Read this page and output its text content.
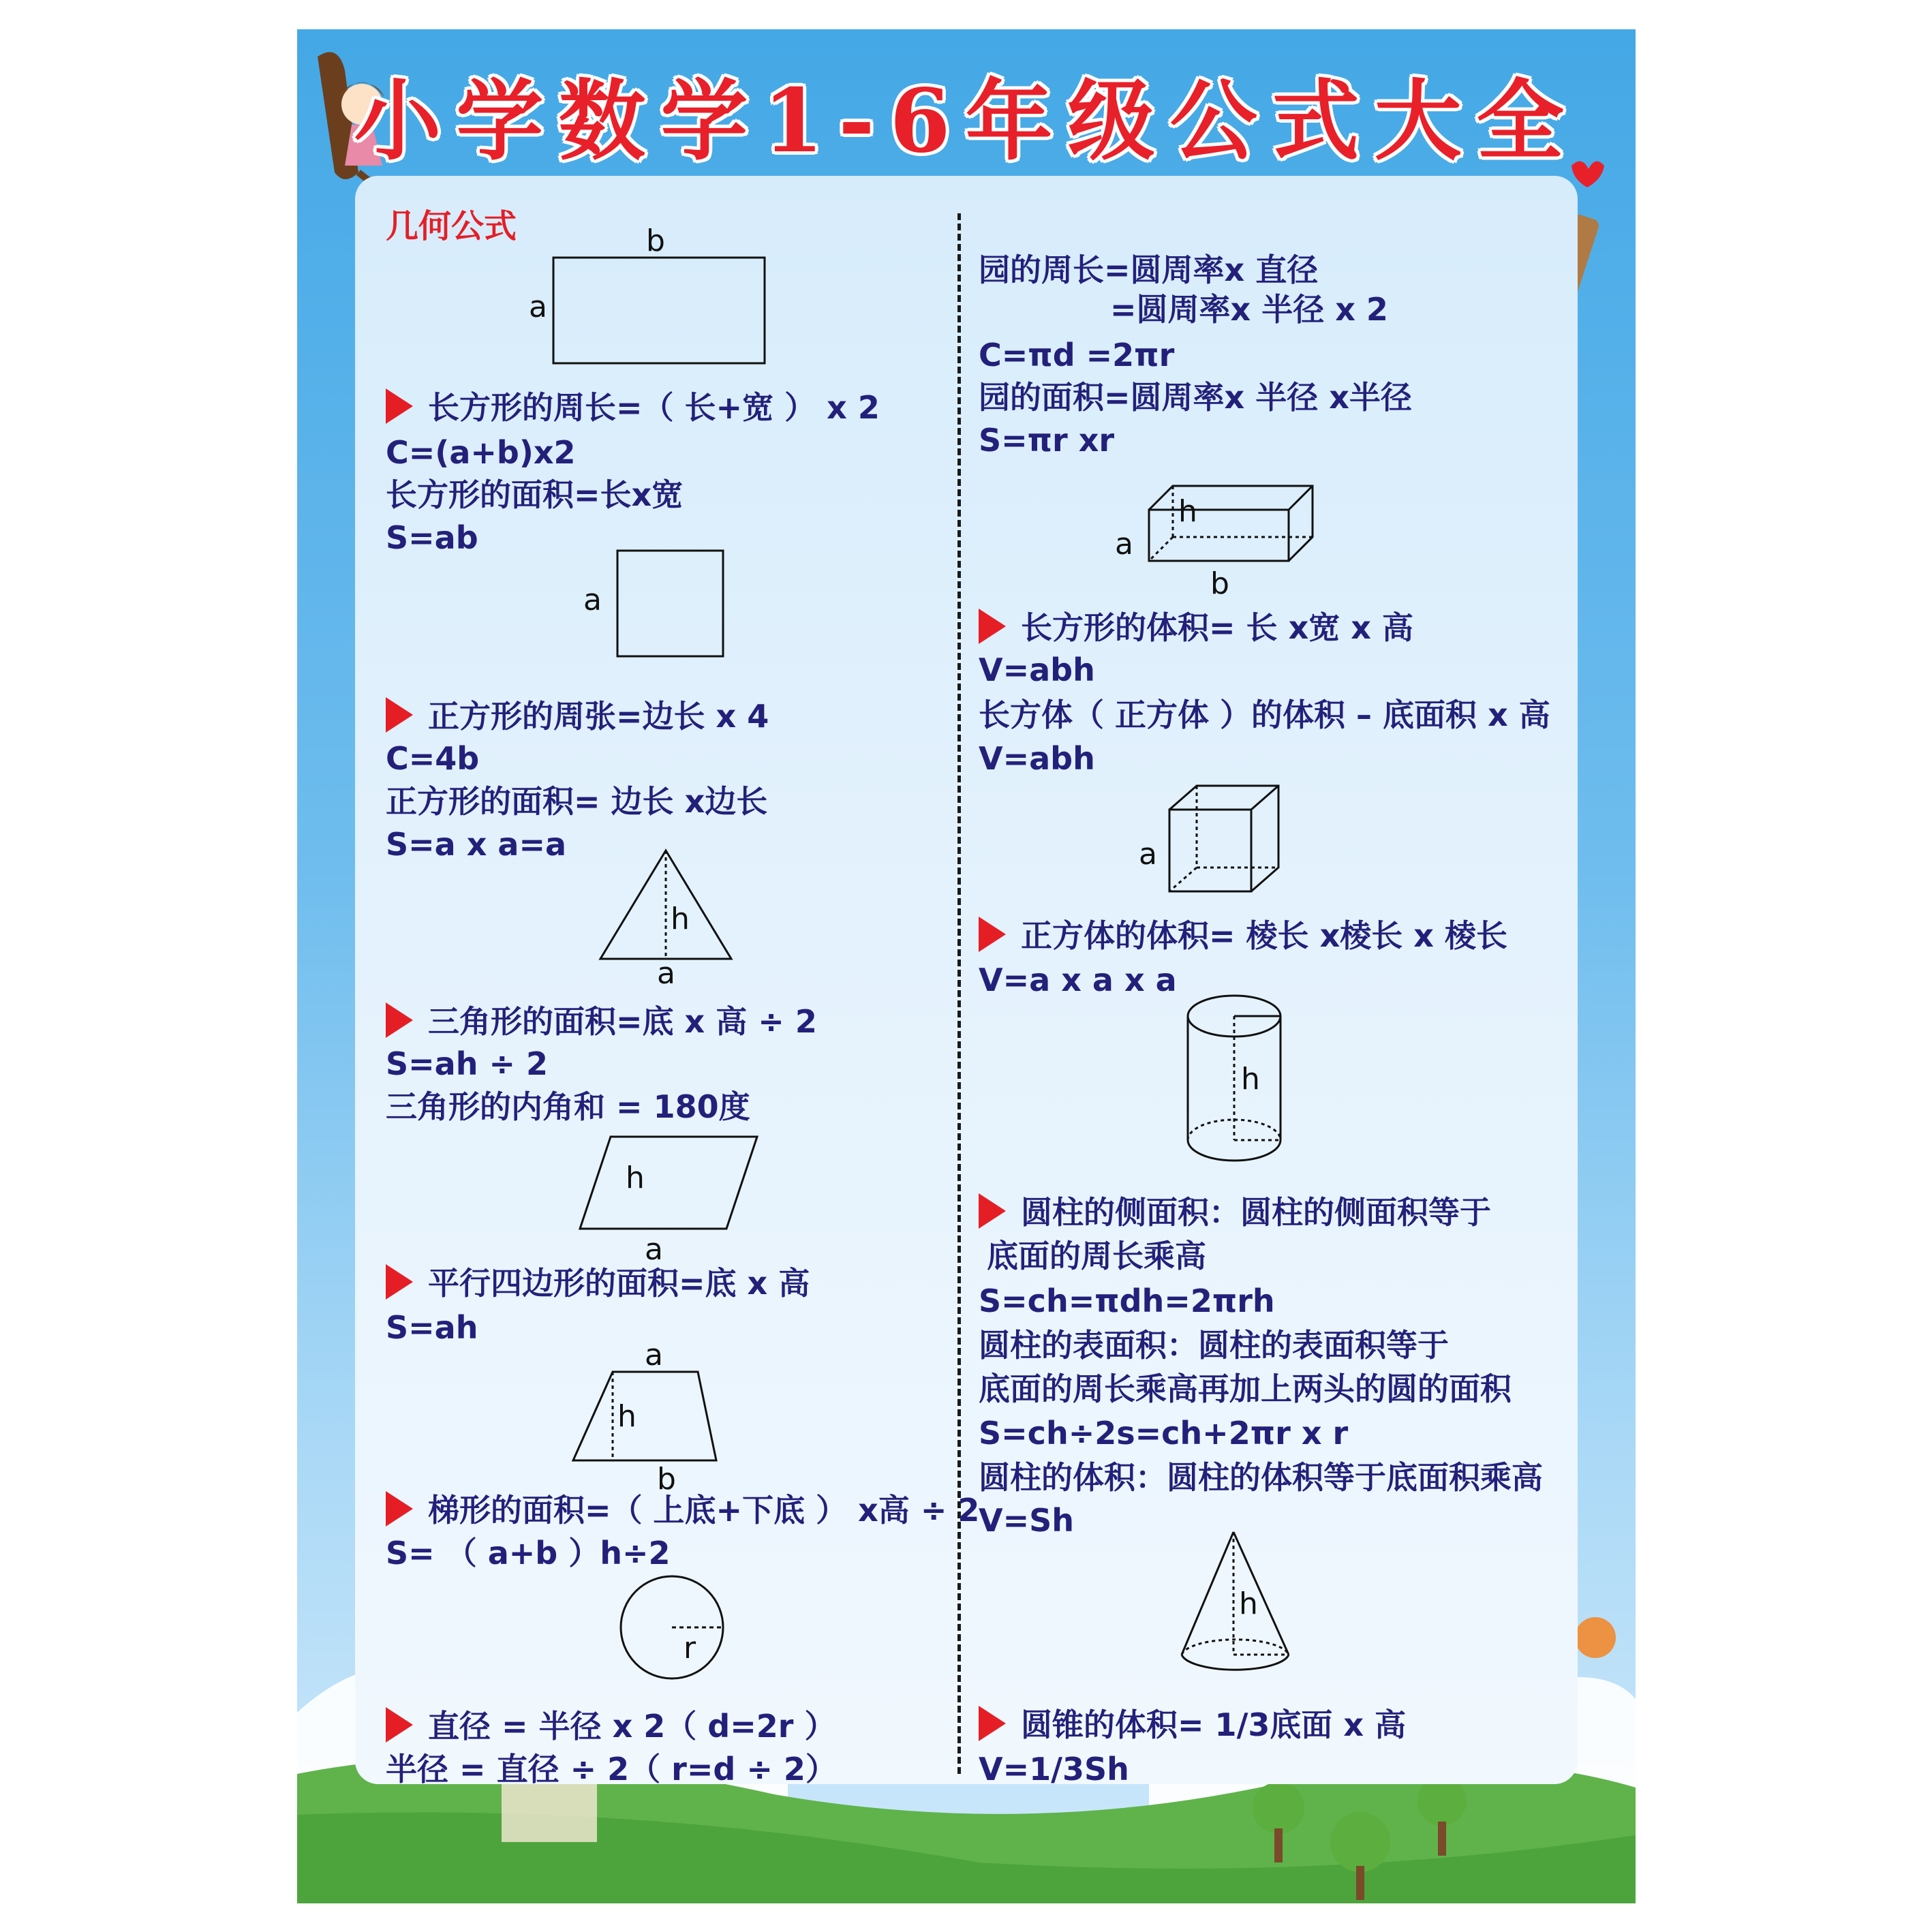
小学数学1-6年级公式大全
几何公式	b
a
a
h
a
h
a
a
h
b
r
长方形的周长=（ 长+宽 ） x 2
C=(a+b)x2
长方形的面积=长x宽
S=ab
正方形的周张=边长 x 4
C=4b
正方形的面积= 边长 x边长
S=a x a=a
三角形的面积=底 x 高 ÷ 2
S=ah ÷ 2
三角形的内角和 = 180度
平行四边形的面积=底 x 高
S=ah
梯形的面积=（ 上底+下底 ） x高 ÷ 2
S= （ a+b ）h÷2
直径 = 半径 x 2（ d=2r ）
半径 = 直径 ÷ 2（ r=d ÷ 2）
a
h
b
a
h
h
园的周长=圆周率x 直径
=圆周率x 半径 x 2
C=πd =2πr
园的面积=圆周率x 半径 x半径
S=πr xr
长方形的体积= 长 x宽 x 高
V=abh
长方体（ 正方体 ）的体积 – 底面积 x 高
V=abh
正方体的体积= 棱长 x棱长 x 棱长
V=a x a x a
圆柱的侧面积：圆柱的侧面积等于
底面的周长乘高
S=ch=πdh=2πrh
圆柱的表面积：圆柱的表面积等于
底面的周长乘高再加上两头的圆的面积
S=ch÷2s=ch+2πr x r
圆柱的体积：圆柱的体积等于底面积乘高
V=Sh
圆锥的体积= 1/3底面 x 高
V=1/3Sh
